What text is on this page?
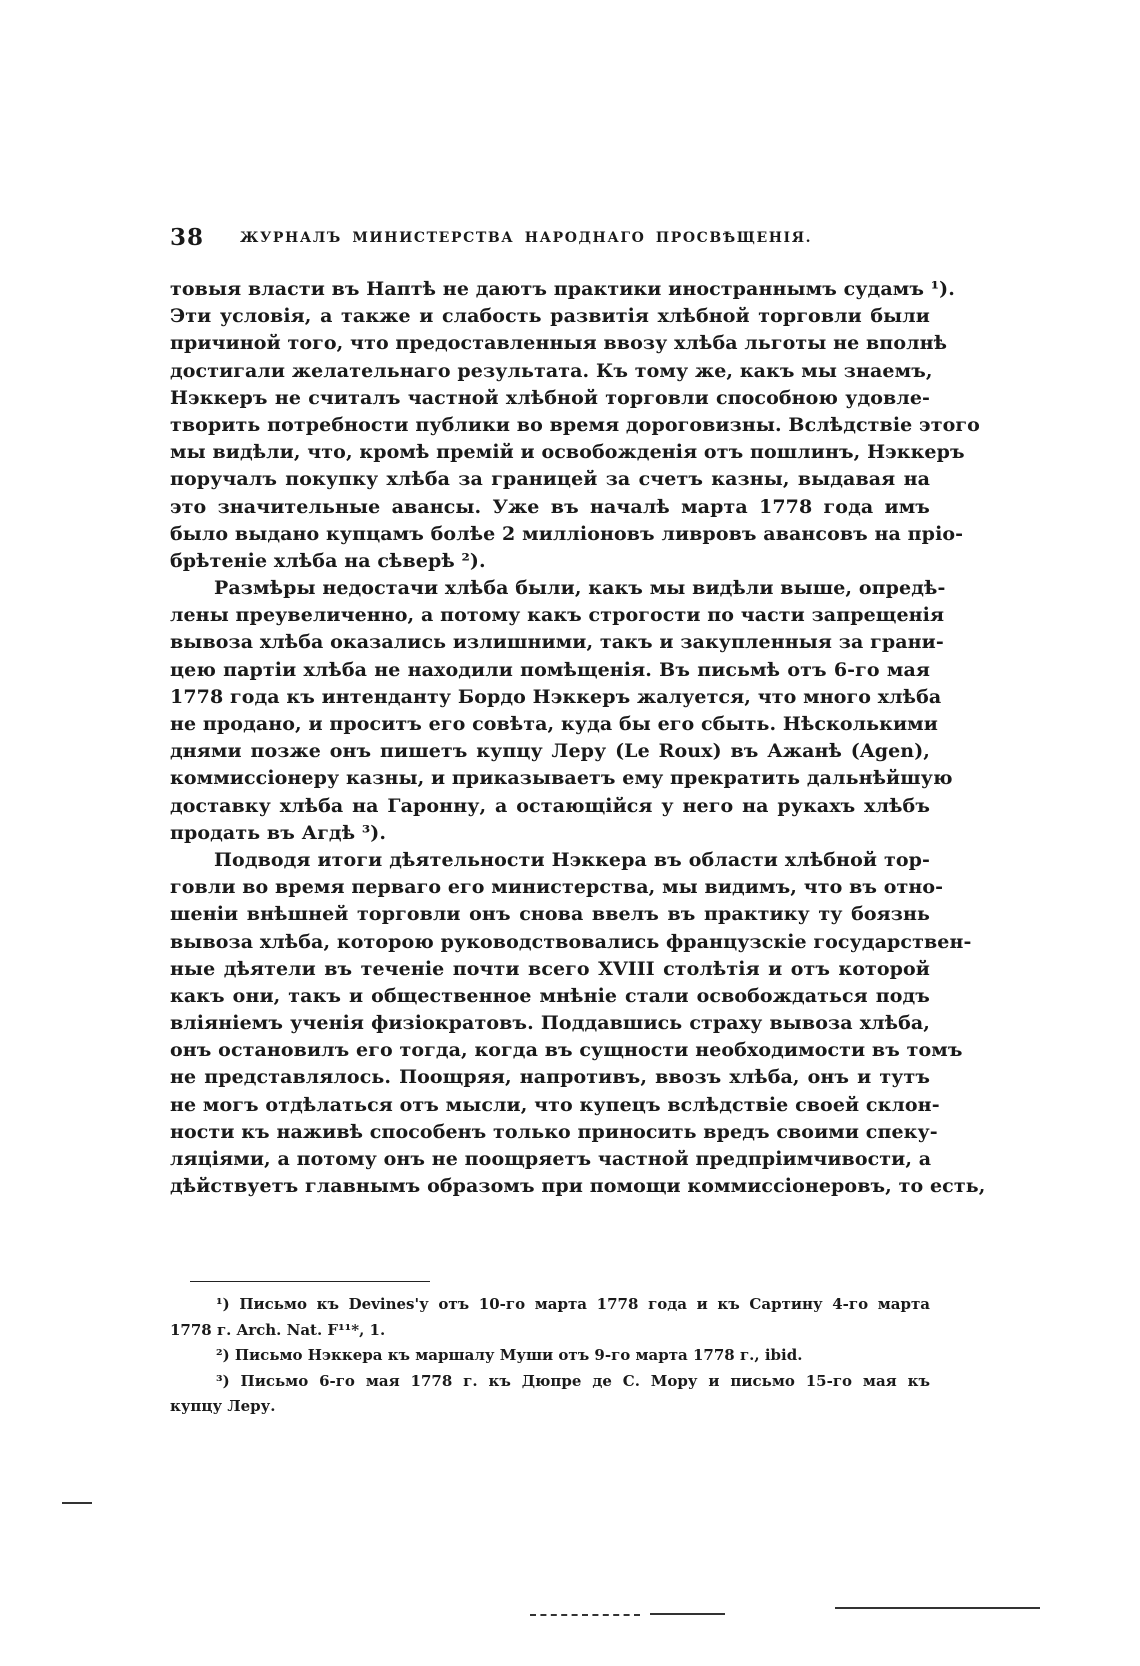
38	ЖУРНАЛЪ МИНИСТЕРСТВА НАРОДНАГО ПРОСВѢЩЕНІЯ.
товыя власти въ Наптѣ не даютъ практики иностраннымъ судамъ ¹).
Эти условія, а также и слабость развитія хлѣбной торговли были
причиной того, что предоставленныя ввозу хлѣба льготы не вполнѣ
достигали желательнаго результата. Къ тому же, какъ мы знаемъ,
Нэккеръ не считалъ частной хлѣбной торговли способною удовле-
творить потребности публики во время дороговизны. Вслѣдствіе этого
мы видѣли, что, кромѣ премій и освобожденія отъ пошлинъ, Нэккеръ
поручалъ покупку хлѣба за границей за счетъ казны, выдавая на
это значительные авансы. Уже въ началѣ марта 1778 года имъ
было выдано купцамъ болѣе 2 милліоновъ ливровъ авансовъ на пріо-
брѣтеніе хлѣба на сѣверѣ ²).
Размѣры недостачи хлѣба были, какъ мы видѣли выше, опредѣ-
лены преувеличенно, а потому какъ строгости по части запрещенія
вывоза хлѣба оказались излишними, такъ и закупленныя за грани-
цею партіи хлѣба не находили помѣщенія. Въ письмѣ отъ 6-го мая
1778 года къ интенданту Бордо Нэккеръ жалуется, что много хлѣба
не продано, и проситъ его совѣта, куда бы его сбыть. Нѣсколькими
днями позже онъ пишетъ купцу Леру (Le Roux) въ Ажанѣ (Agen),
коммиссіонеру казны, и приказываетъ ему прекратить дальнѣйшую
доставку хлѣба на Гаронну, а остающійся у него на рукахъ хлѣбъ
продать въ Агдѣ ³).
Подводя итоги дѣятельности Нэккера въ области хлѣбной тор-
говли во время перваго его министерства, мы видимъ, что въ отно-
шеніи внѣшней торговли онъ снова ввелъ въ практику ту боязнь
вывоза хлѣба, которою руководствовались французскіе государствен-
ные дѣятели въ теченіе почти всего XVIII столѣтія и отъ которой
какъ они, такъ и общественное мнѣніе стали освобождаться подъ
вліяніемъ ученія физіократовъ. Поддавшись страху вывоза хлѣба,
онъ остановилъ его тогда, когда въ сущности необходимости въ томъ
не представлялось. Поощряя, напротивъ, ввозъ хлѣба, онъ и тутъ
не могъ отдѣлаться отъ мысли, что купецъ вслѣдствіе своей склон-
ности къ наживѣ способенъ только приносить вредъ своими спеку-
ляціями, а потому онъ не поощряетъ частной предпріимчивости, а
дѣйствуетъ главнымъ образомъ при помощи коммиссіонеровъ, то есть,
¹) Письмо къ Devines'у отъ 10-го марта 1778 года и къ Сартину 4-го марта
1778 г. Arch. Nat. F¹¹*, 1.
²) Письмо Нэккера къ маршалу Муши отъ 9-го марта 1778 г., ibid.
³) Письмо 6-го мая 1778 г. къ Дюпре де С. Мору и письмо 15-го мая къ
купцу Леру.
